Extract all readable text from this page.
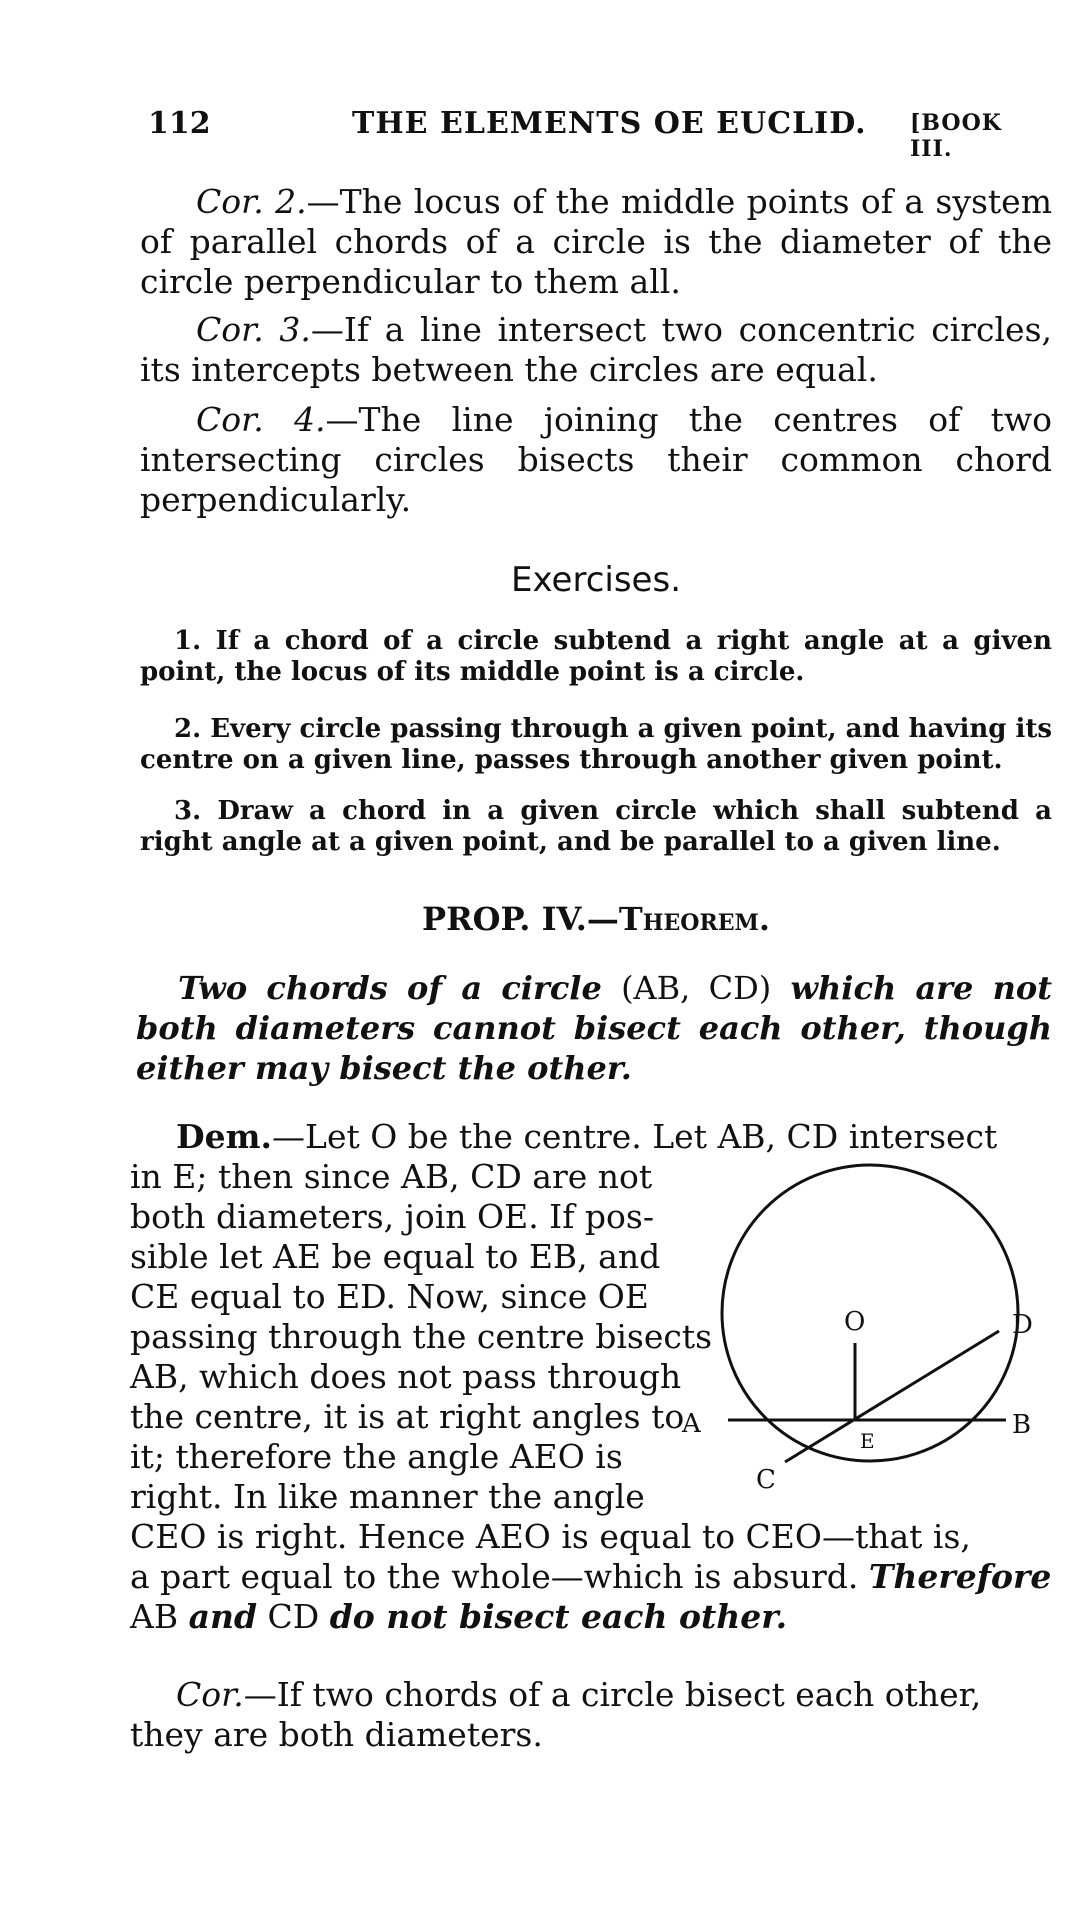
112	THE ELEMENTS OE EUCLID. [BOOK III.

Cor. 2.—The locus of the middle points of a system of parallel chords of a circle is the diameter of the circle perpendicular to them all.

Cor. 3.—If a line intersect two concentric circles, its intercepts between the circles are equal.

Cor. 4.—The line joining the centres of two intersecting circles bisects their common chord perpendicularly.

Exercises.

1. If a chord of a circle subtend a right angle at a given point, the locus of its middle point is a circle.

2. Every circle passing through a given point, and having its centre on a given line, passes through another given point.

3. Draw a chord in a given circle which shall subtend a right angle at a given point, and be parallel to a given line.

PROP. IV.—Theorem.

Two chords of a circle (AB, CD) which are not both diameters cannot bisect each other, though either may bisect the other.

Dem.—Let O be the centre. Let AB, CD intersect
in E; then since AB, CD are not
both diameters, join OE. If pos-
sible let AE be equal to EB, and
CE equal to ED. Now, since OE
passing through the centre bisects
AB, which does not pass through
the centre, it is at right angles to
it; therefore the angle AEO is
right. In like manner the angle
CEO is right. Hence AEO is equal to CEO—that is,
a part equal to the whole—which is absurd. Therefore
AB and CD do not bisect each other.

Cor.—If two chords of a circle bisect each other, they are both diameters.

O	D
A
E
B
C
